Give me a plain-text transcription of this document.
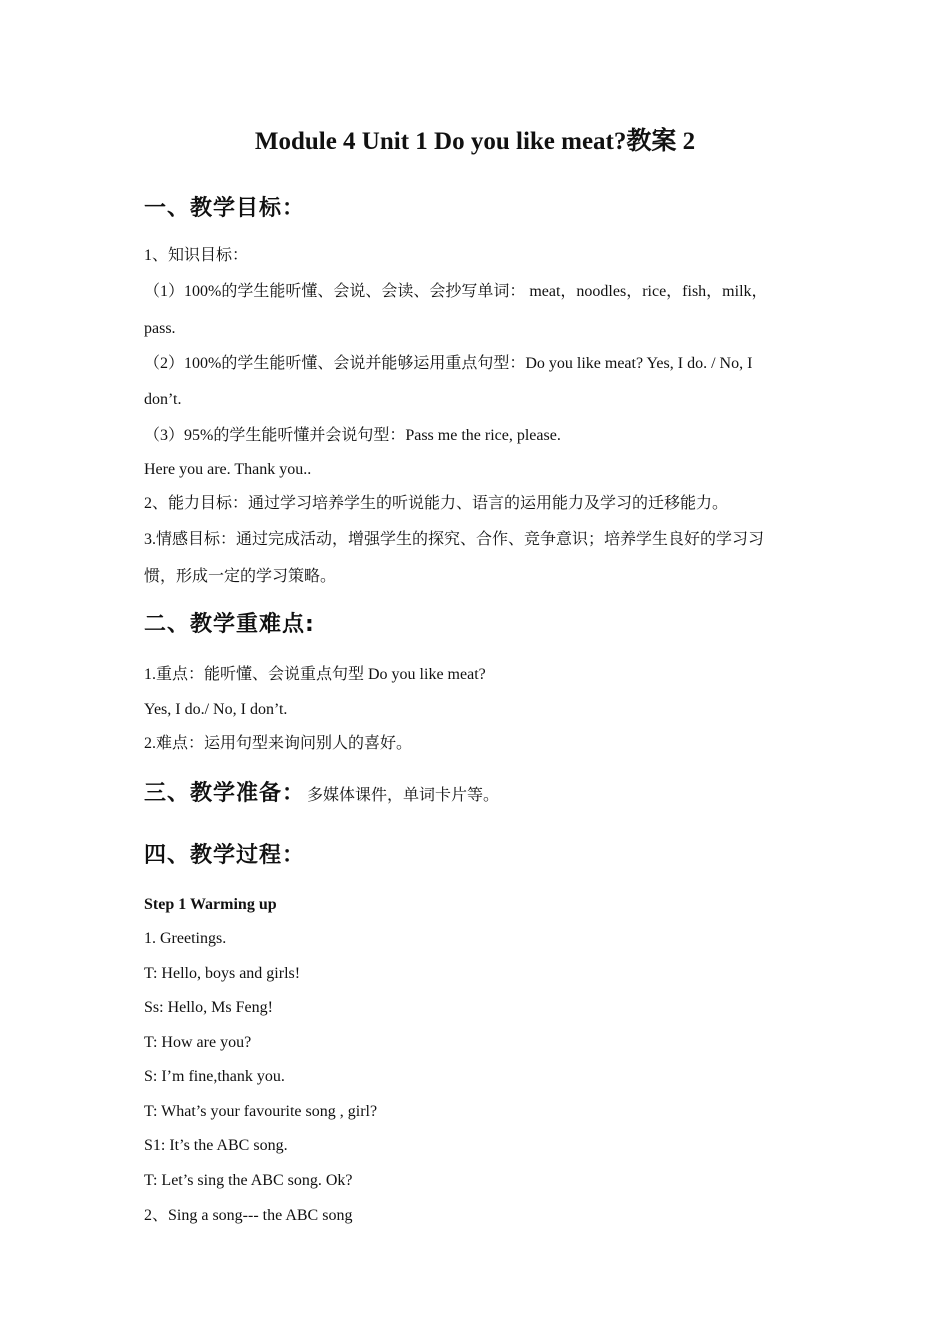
Module 4 Unit 1 Do you like meat?教案 2
一、教学目标：

1、知识目标：

（1）100%的学生能听懂、会说、会读、会抄写单词： meat，noodles，rice，fish，milk，

pass.

（2）100%的学生能听懂、会说并能够运用重点句型：Do you like meat? Yes, I do. / No, I

don’t.

（3）95%的学生能听懂并会说句型：Pass me the rice, please.

Here you are. Thank you..

2、能力目标：通过学习培养学生的听说能力、语言的运用能力及学习的迁移能力。

3.情感目标：通过完成活动，增强学生的探究、合作、竞争意识；培养学生良好的学习习

惯，形成一定的学习策略。

二、教学重难点:

1.重点：能听懂、会说重点句型 Do you like meat?

Yes, I do./ No, I don’t.

2.难点：运用句型来询问别人的喜好。

三、教学准备： 多媒体课件，单词卡片等。
四、教学过程：

Step 1 Warming up

1. Greetings.

T: Hello, boys and girls!

Ss: Hello, Ms Feng!

T: How are you?

S: I’m fine,thank you.

T: What’s your favourite song , girl?

S1: It’s the ABC song.

T: Let’s sing the ABC song. Ok?

2、Sing a song--- the ABC song
